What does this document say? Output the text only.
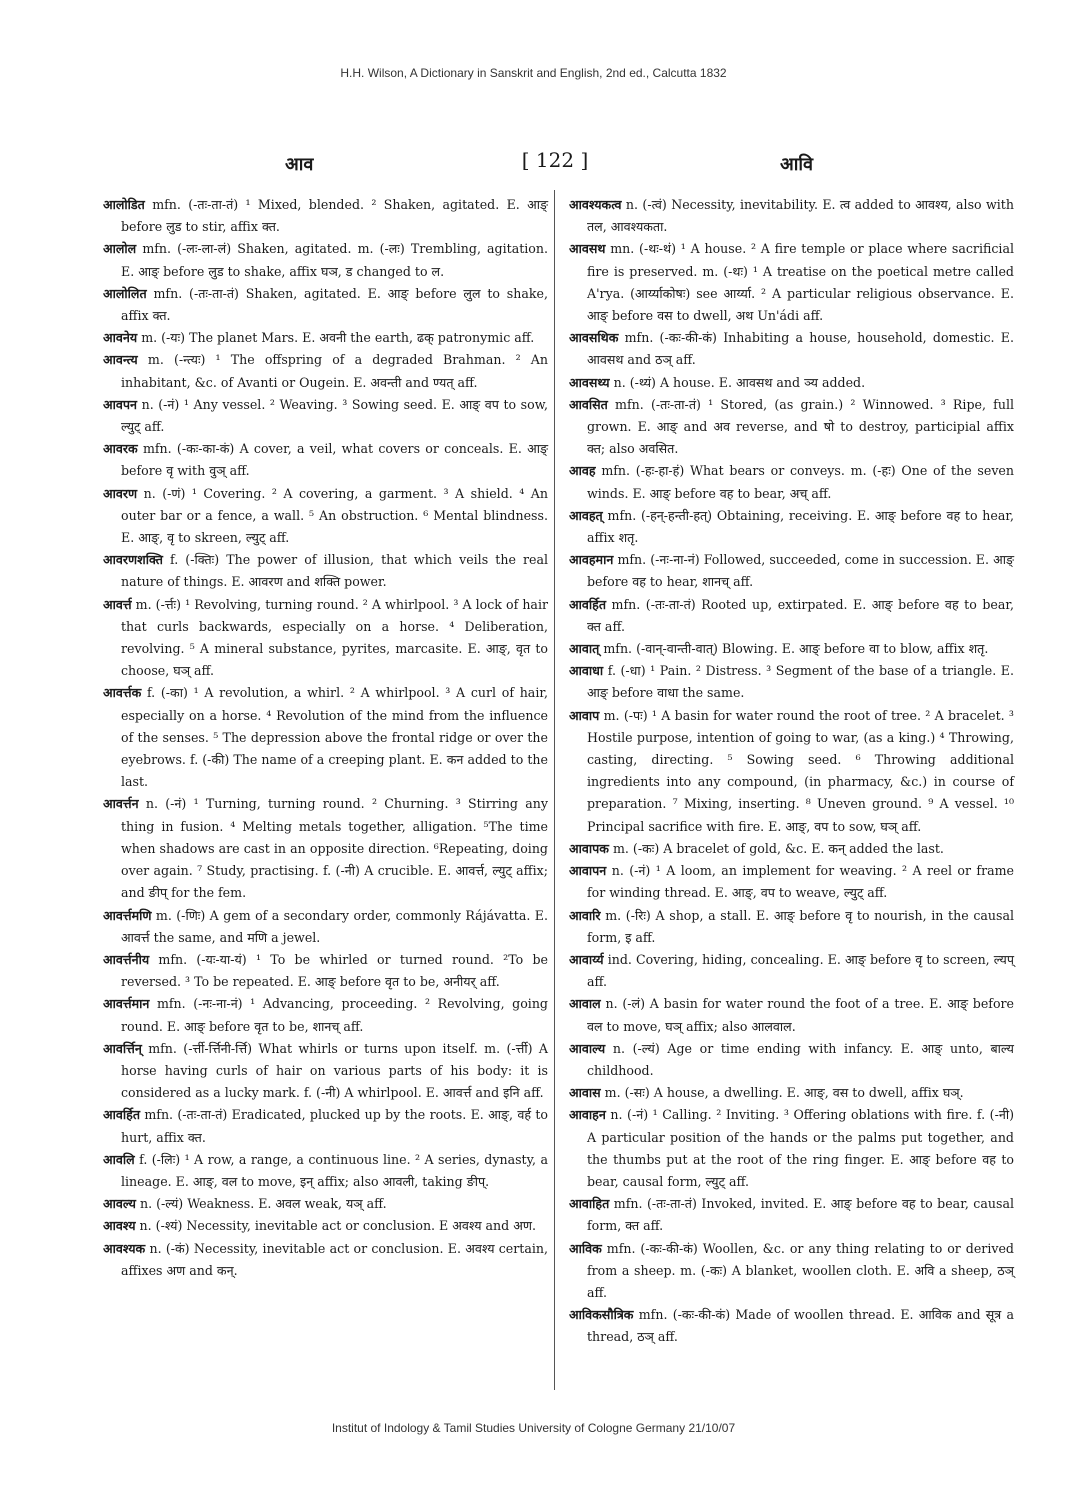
H.H. Wilson, A Dictionary in Sanskrit and English, 2nd ed., Calcutta 1832
आव	[ 122 ]	आवि

आलोडित mfn. (-तः-ता-तं) ¹ Mixed, blended. ² Shaken, agitated. E. आङ् before लुड to stir, affix क्त.

आलोल mfn. (-लः-ला-लं) Shaken, agitated. m. (-लः) Trembling, agitation. E. आङ् before लुड to shake, affix घञ, ड changed to ल.

आलोलित mfn. (-तः-ता-तं) Shaken, agitated. E. आङ् before लुल to shake, affix क्त.

आवनेय m. (-यः) The planet Mars. E. अवनी the earth, ढक् patronymic aff.

आवन्त्य m. (-न्त्यः) ¹ The offspring of a degraded Brahman. ² An inhabitant, &c. of Avanti or Ougein. E. अवन्ती and ण्यत् aff.

आवपन n. (-नं) ¹ Any vessel. ² Weaving. ³ Sowing seed. E. आङ् वप to sow, ल्युट् aff.

आवरक mfn. (-कः-का-कं) A cover, a veil, what covers or conceals. E. आङ् before वृ with वुञ् aff.

आवरण n. (-णं) ¹ Covering. ² A covering, a garment. ³ A shield. ⁴ An outer bar or a fence, a wall. ⁵ An obstruction. ⁶ Mental blindness. E. आङ्, वृ to skreen, ल्युट् aff.

आवरणशक्ति f. (-क्तिः) The power of illusion, that which veils the real nature of things. E. आवरण and शक्ति power.

आवर्त्त m. (-र्त्तः) ¹ Revolving, turning round. ² A whirlpool. ³ A lock of hair that curls backwards, especially on a horse. ⁴ Deliberation, revolving. ⁵ A mineral substance, pyrites, marcasite. E. आङ्, वृत to choose, घञ् aff.

आवर्त्तक f. (-का) ¹ A revolution, a whirl. ² A whirlpool. ³ A curl of hair, especially on a horse. ⁴ Revolution of the mind from the influence of the senses. ⁵ The depression above the frontal ridge or over the eyebrows. f. (-की) The name of a creeping plant. E. कन added to the last.

आवर्त्तन n. (-नं) ¹ Turning, turning round. ² Churning. ³ Stirring any thing in fusion. ⁴ Melting metals together, alligation. ⁵The time when shadows are cast in an opposite direction. ⁶Repeating, doing over again. ⁷ Study, practising. f. (-नी) A crucible. E. आवर्त्त, ल्युट् affix; and ङीप् for the fem.

आवर्त्तमणि m. (-णिः) A gem of a secondary order, commonly Rájávatta. E. आवर्त्त the same, and मणि a jewel.

आवर्त्तनीय mfn. (-यः-या-यं) ¹ To be whirled or turned round. ²To be reversed. ³ To be repeated. E. आङ् before वृत to be, अनीयर् aff.

आवर्त्तमान mfn. (-नः-ना-नं) ¹ Advancing, proceeding. ² Revolving, going round. E. आङ् before वृत to be, शानच् aff.

आवर्त्तिन् mfn. (-र्त्ती-र्त्तिनी-र्त्ति) What whirls or turns upon itself. m. (-र्त्ती) A horse having curls of hair on various parts of his body: it is considered as a lucky mark. f. (-नी) A whirlpool. E. आवर्त्त and इनि aff.

आवर्हित mfn. (-तः-ता-तं) Eradicated, plucked up by the roots. E. आङ्, वर्ह to hurt, affix क्त.

आवलि f. (-लिः) ¹ A row, a range, a continuous line. ² A series, dynasty, a lineage. E. आङ्, वल to move, इन् affix; also आवली, taking ङीप्.

आवल्य n. (-ल्यं) Weakness. E. अवल weak, यञ् aff.

आवश्य n. (-श्यं) Necessity, inevitable act or conclusion. E अवश्य and अण.

आवश्यक n. (-कं) Necessity, inevitable act or conclusion. E. अवश्य certain, affixes अण and कन्.

आवश्यकत्व n. (-त्वं) Necessity, inevitability. E. त्व added to आवश्य, also with तल, आवश्यकता.

आवसथ mn. (-थः-थं) ¹ A house. ² A fire temple or place where sacrificial fire is preserved. m. (-थः) ¹ A treatise on the poetical metre called A'rya. (आर्य्याकोषः) see आर्य्या. ² A particular religious observance. E. आङ् before वस to dwell, अथ Un'ádi aff.

आवसथिक mfn. (-कः-की-कं) Inhabiting a house, household, domestic. E. आवसथ and ठञ् aff.

आवसथ्य n. (-थ्यं) A house. E. आवसथ and ञ्य added.

आवसित mfn. (-तः-ता-तं) ¹ Stored, (as grain.) ² Winnowed. ³ Ripe, full grown. E. आङ् and अव reverse, and षो to destroy, participial affix क्त; also अवसित.

आवह mfn. (-हः-हा-हं) What bears or conveys. m. (-हः) One of the seven winds. E. आङ् before वह to bear, अच् aff.

आवहत् mfn. (-हन्-हन्ती-हत्) Obtaining, receiving. E. आङ् before वह to hear, affix शतृ.

आवहमान mfn. (-नः-ना-नं) Followed, succeeded, come in succession. E. आङ् before वह to hear, शानच् aff.

आवर्हित mfn. (-तः-ता-तं) Rooted up, extirpated. E. आङ् before वह to bear, क्त aff.

आवात् mfn. (-वान्-वान्ती-वात्) Blowing. E. आङ् before वा to blow, affix शतृ.

आवाधा f. (-धा) ¹ Pain. ² Distress. ³ Segment of the base of a triangle. E. आङ् before वाधा the same.

आवाप m. (-पः) ¹ A basin for water round the root of tree. ² A bracelet. ³ Hostile purpose, intention of going to war, (as a king.) ⁴ Throwing, casting, directing. ⁵ Sowing seed. ⁶ Throwing additional ingredients into any compound, (in pharmacy, &c.) in course of preparation. ⁷ Mixing, inserting. ⁸ Uneven ground. ⁹ A vessel. ¹⁰ Principal sacrifice with fire. E. आङ्, वप to sow, घञ् aff.

आवापक m. (-कः) A bracelet of gold, &c. E. कन् added the last.

आवापन n. (-नं) ¹ A loom, an implement for weaving. ² A reel or frame for winding thread. E. आङ्, वप to weave, ल्युट् aff.

आवारि m. (-रिः) A shop, a stall. E. आङ् before वृ to nourish, in the causal form, इ aff.

आवार्य्य ind. Covering, hiding, concealing. E. आङ् before वृ to screen, ल्यप् aff.

आवाल n. (-लं) A basin for water round the foot of a tree. E. आङ् before वल to move, घञ् affix; also आलवाल.

आवाल्य n. (-ल्यं) Age or time ending with infancy. E. आङ् unto, बाल्य childhood.

आवास m. (-सः) A house, a dwelling. E. आङ्, वस to dwell, affix घञ्.

आवाहन n. (-नं) ¹ Calling. ² Inviting. ³ Offering oblations with fire. f. (-नी) A particular position of the hands or the palms put together, and the thumbs put at the root of the ring finger. E. आङ् before वह to bear, causal form, ल्युट् aff.

आवाहित mfn. (-तः-ता-तं) Invoked, invited. E. आङ् before वह to bear, causal form, क्त aff.

आविक mfn. (-कः-की-कं) Woollen, &c. or any thing relating to or derived from a sheep. m. (-कः) A blanket, woollen cloth. E. अवि a sheep, ठञ् aff.

आविकसौत्रिक mfn. (-कः-की-कं) Made of woollen thread. E. आविक and सूत्र a thread, ठञ् aff.

Institut of Indology & Tamil Studies University of Cologne Germany 21/10/07
